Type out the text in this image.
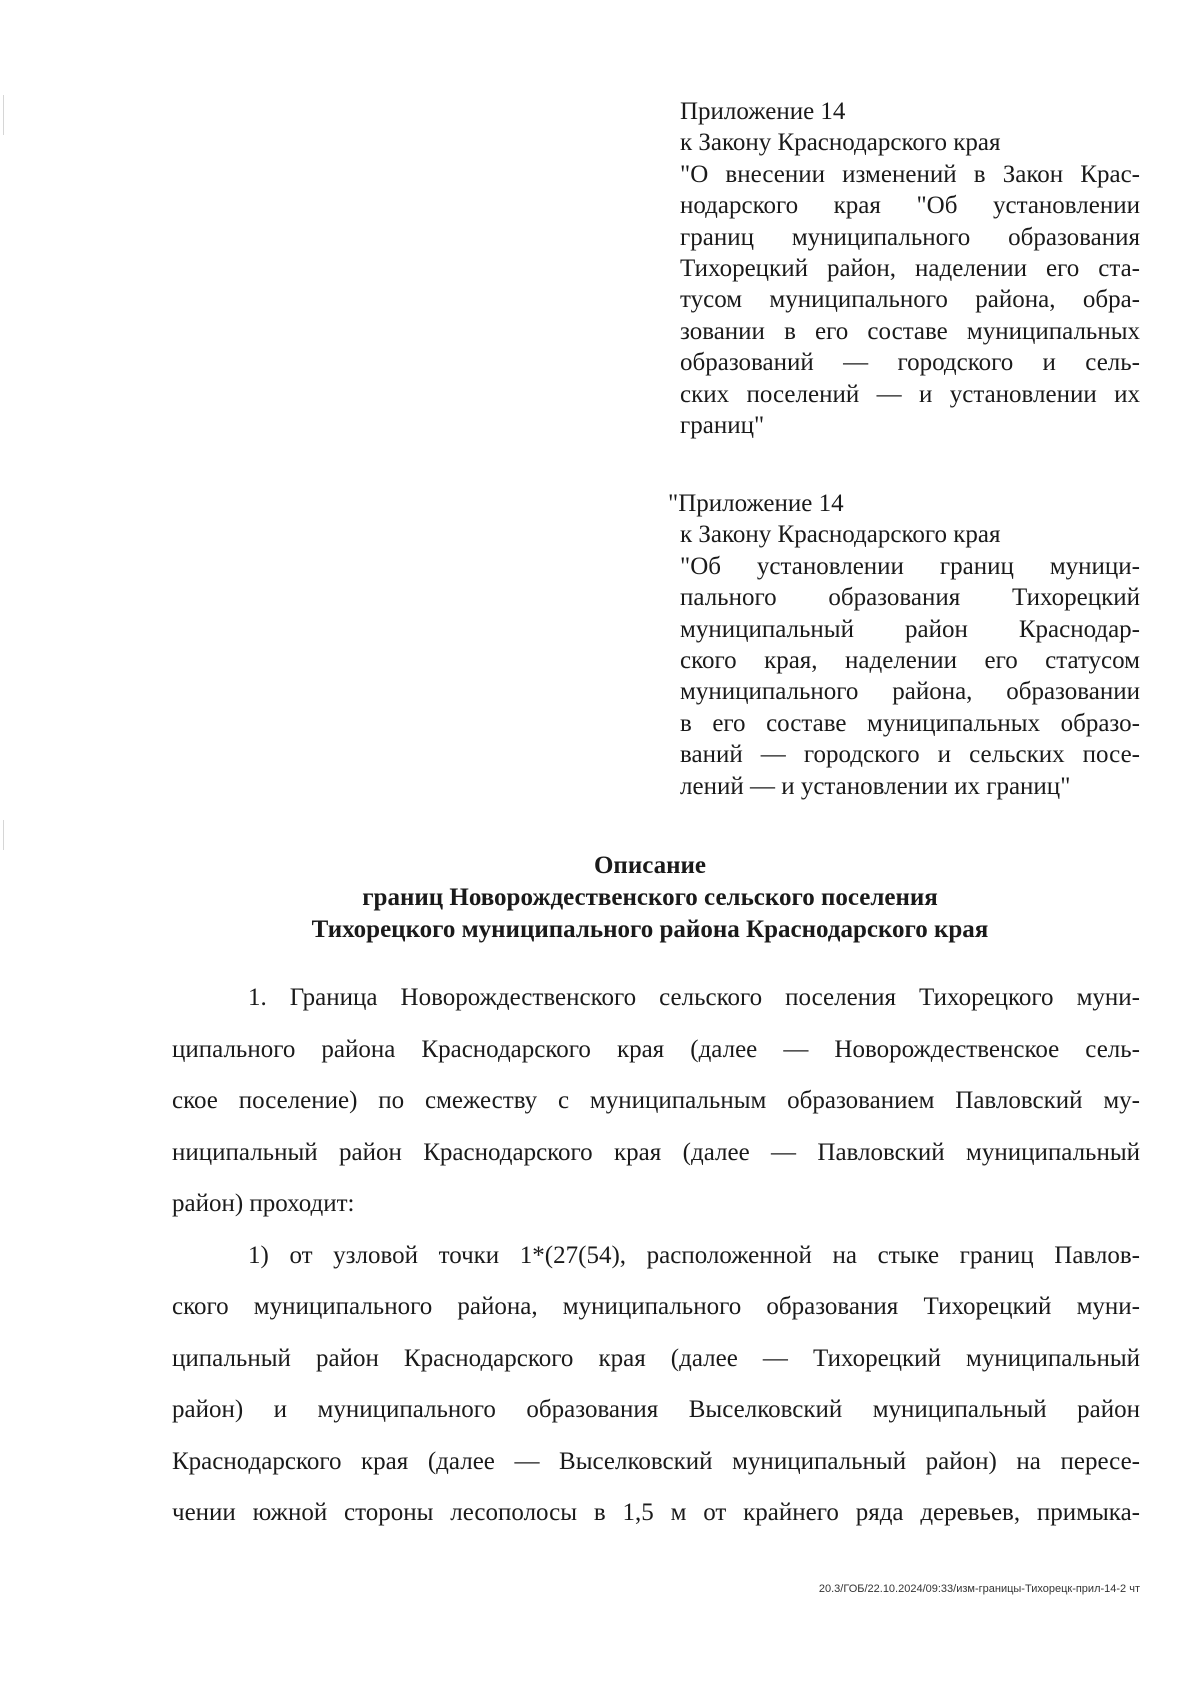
Приложение 14
к Закону Краснодарского края
"О внесении изменений в Закон Крас-
нодарского края "Об установлении
границ муниципального образования
Тихорецкий район, наделении его ста-
тусом муниципального района, обра-
зовании в его составе муниципальных
образований — городского и сель-
ских поселений — и установлении их
границ"
"Приложение 14
к Закону Краснодарского края
"Об установлении границ муници-
пального образования Тихорецкий
муниципальный район Краснодар-
ского края, наделении его статусом
муниципального района, образовании
в его составе муниципальных образо-
ваний — городского и сельских посе-
лений — и установлении их границ"
Описание
границ Новорождественского сельского поселения
Тихорецкого муниципального района Краснодарского края
1. Граница Новорождественского сельского поселения Тихорецкого муни-
ципального района Краснодарского края (далее — Новорождественское сель-
ское поселение) по смежеству с муниципальным образованием Павловский му-
ниципальный район Краснодарского края (далее — Павловский муниципальный
район) проходит:
1) от узловой точки 1*(27(54), расположенной на стыке границ Павлов-
ского муниципального района, муниципального образования Тихорецкий муни-
ципальный район Краснодарского края (далее — Тихорецкий муниципальный
район) и муниципального образования Выселковский муниципальный район
Краснодарского края (далее — Выселковский муниципальный район) на пересе-
чении южной стороны лесополосы в 1,5 м от крайнего ряда деревьев, примыка-
20.3/ГОБ/22.10.2024/09:33/изм-границы-Тихорецк-прил-14-2 чт
